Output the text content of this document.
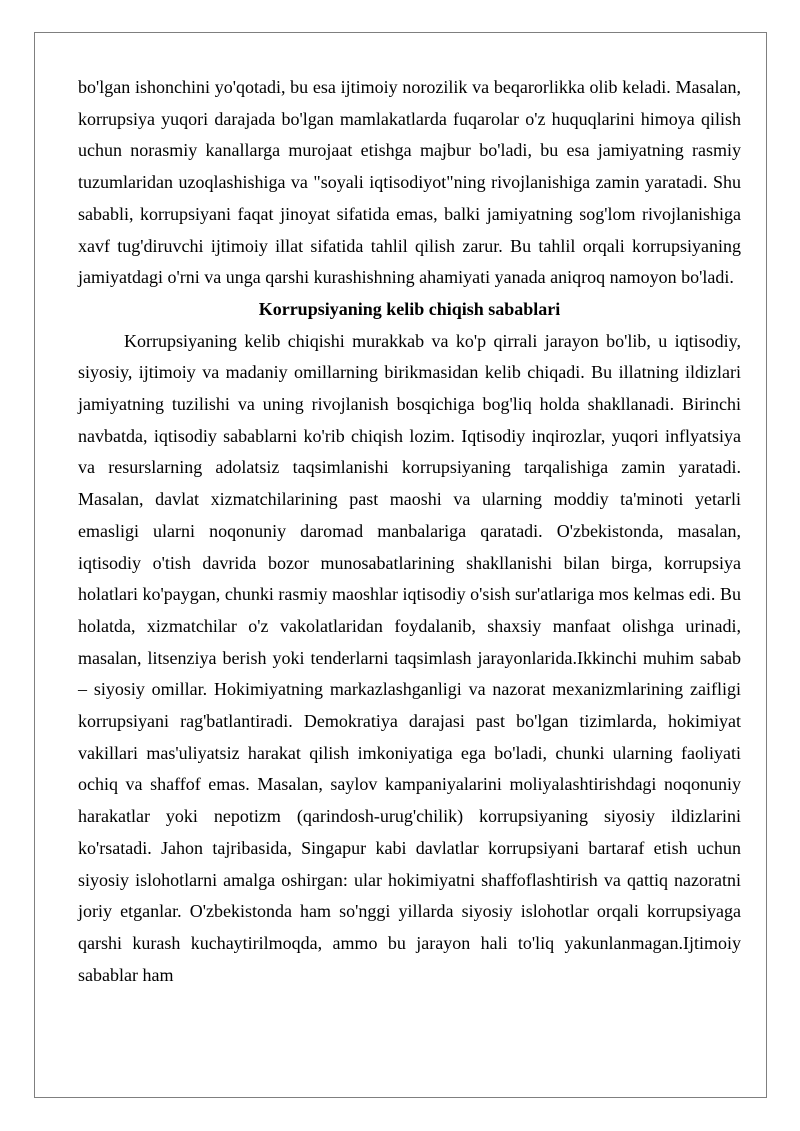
bo'lgan ishonchini yo'qotadi, bu esa ijtimoiy norozilik va beqarorlikka olib keladi. Masalan, korrupsiya yuqori darajada bo'lgan mamlakatlarda fuqarolar o'z huquqlarini himoya qilish uchun norasmiy kanallarga murojaat etishga majbur bo'ladi, bu esa jamiyatning rasmiy tuzumlaridan uzoqlashishiga va "soyali iqtisodiyot"ning rivojlanishiga zamin yaratadi. Shu sababli, korrupsiyani faqat jinoyat sifatida emas, balki jamiyatning sog'lom rivojlanishiga xavf tug'diruvchi ijtimoiy illat sifatida tahlil qilish zarur. Bu tahlil orqali korrupsiyaning jamiyatdagi o'rni va unga qarshi kurashishning ahamiyati yanada aniqroq namoyon bo'ladi.

Korrupsiyaning kelib chiqish sabablari

Korrupsiyaning kelib chiqishi murakkab va ko'p qirrali jarayon bo'lib, u iqtisodiy, siyosiy, ijtimoiy va madaniy omillarning birikmasidan kelib chiqadi. Bu illatning ildizlari jamiyatning tuzilishi va uning rivojlanish bosqichiga bog'liq holda shakllanadi. Birinchi navbatda, iqtisodiy sabablarni ko'rib chiqish lozim. Iqtisodiy inqirozlar, yuqori inflyatsiya va resurslarning adolatsiz taqsimlanishi korrupsiyaning tarqalishiga zamin yaratadi. Masalan, davlat xizmatchilarining past maoshi va ularning moddiy ta'minoti yetarli emasligi ularni noqonuniy daromad manbalariga qaratadi. O'zbekistonda, masalan, iqtisodiy o'tish davrida bozor munosabatlarining shakllanishi bilan birga, korrupsiya holatlari ko'paygan, chunki rasmiy maoshlar iqtisodiy o'sish sur'atlariga mos kelmas edi. Bu holatda, xizmatchilar o'z vakolatlaridan foydalanib, shaxsiy manfaat olishga urinadi, masalan, litsenziya berish yoki tenderlarni taqsimlash jarayonlarida.Ikkinchi muhim sabab – siyosiy omillar. Hokimiyatning markazlashganligi va nazorat mexanizmlarining zaifligi korrupsiyani rag'batlantiradi. Demokratiya darajasi past bo'lgan tizimlarda, hokimiyat vakillari mas'uliyatsiz harakat qilish imkoniyatiga ega bo'ladi, chunki ularning faoliyati ochiq va shaffof emas. Masalan, saylov kampaniyalarini moliyalashtirishdagi noqonuniy harakatlar yoki nepotizm (qarindosh-urug'chilik) korrupsiyaning siyosiy ildizlarini ko'rsatadi. Jahon tajribasida, Singapur kabi davlatlar korrupsiyani bartaraf etish uchun siyosiy islohotlarni amalga oshirgan: ular hokimiyatni shaffoflashtirish va qattiq nazoratni joriy etganlar. O'zbekistonda ham so'nggi yillarda siyosiy islohotlar orqali korrupsiyaga qarshi kurash kuchaytirilmoqda, ammo bu jarayon hali to'liq yakunlanmagan.Ijtimoiy sabablar ham
